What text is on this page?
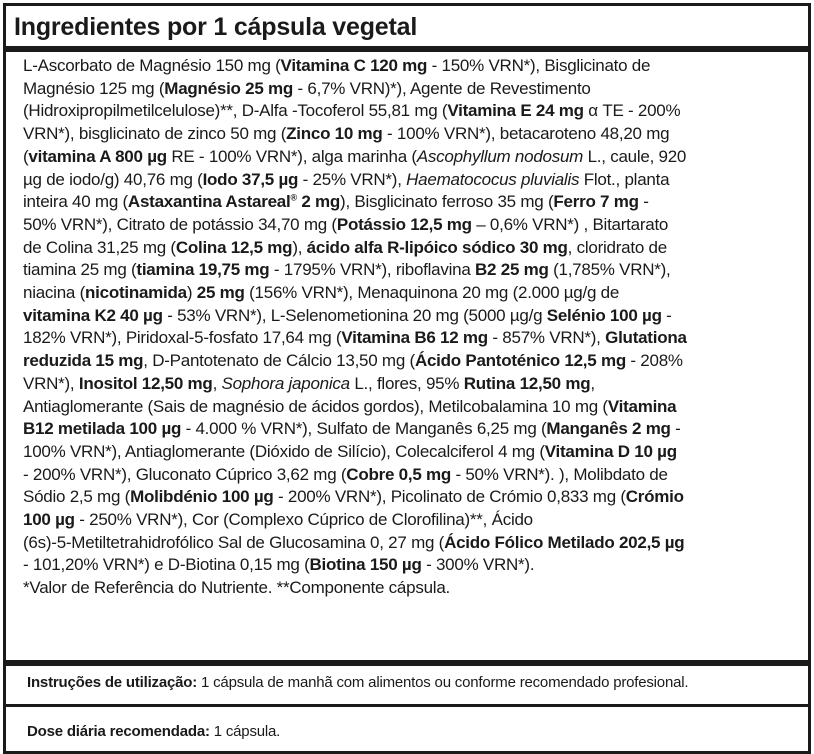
Ingredientes por 1 cápsula vegetal

L-Ascorbato de Magnésio 150 mg (Vitamina C 120 mg - 150% VRN*), Bisglicinato de
Magnésio 125 mg (Magnésio 25 mg - 6,7% VRN)*), Agente de Revestimento
(Hidroxipropilmetilcelulose)**, D-Alfa -Tocoferol 55,81 mg (Vitamina E 24 mg α TE - 200%
VRN*), bisglicinato de zinco 50 mg (Zinco 10 mg - 100% VRN*), betacaroteno 48,20 mg
(vitamina A 800 µg RE - 100% VRN*), alga marinha (Ascophyllum nodosum L., caule, 920
µg de iodo/g) 40,76 mg (Iodo 37,5 µg - 25% VRN*), Haematococus pluvialis Flot., planta
inteira 40 mg (Astaxantina Astareal® 2 mg), Bisglicinato ferroso 35 mg (Ferro 7 mg -
50% VRN*), Citrato de potássio 34,70 mg (Potássio 12,5 mg – 0,6% VRN*) , Bitartarato
de Colina 31,25 mg (Colina 12,5 mg), ácido alfa R-lipóico sódico 30 mg, cloridrato de
tiamina 25 mg (tiamina 19,75 mg - 1795% VRN*), riboflavina B2 25 mg (1,785% VRN*),
niacina (nicotinamida) 25 mg (156% VRN*), Menaquinona 20 mg (2.000 µg/g de
vitamina K2 40 µg - 53% VRN*), L-Selenometionina 20 mg (5000 µg/g Selénio 100 µg -
182% VRN*), Piridoxal-5-fosfato 17,64 mg (Vitamina B6 12 mg - 857% VRN*), Glutationa
reduzida 15 mg, D-Pantotenato de Cálcio 13,50 mg (Ácido Pantoténico 12,5 mg - 208%
VRN*), Inositol 12,50 mg, Sophora japonica L., flores, 95% Rutina 12,50 mg,
Antiaglomerante (Sais de magnésio de ácidos gordos), Metilcobalamina 10 mg (Vitamina
B12 metilada 100 µg - 4.000 % VRN*), Sulfato de Manganês 6,25 mg (Manganês 2 mg -
100% VRN*), Antiaglomerante (Dióxido de Silício), Colecalciferol 4 mg (Vitamina D 10 µg
- 200% VRN*), Gluconato Cúprico 3,62 mg (Cobre 0,5 mg - 50% VRN*). ), Molibdato de
Sódio 2,5 mg (Molibdénio 100 µg - 200% VRN*), Picolinato de Crómio 0,833 mg (Crómio
100 µg - 250% VRN*), Cor (Complexo Cúprico de Clorofilina)**, Ácido
(6s)-5-Metiltetrahidrofólico Sal de Glucosamina 0, 27 mg (Ácido Fólico Metilado 202,5 µg
- 101,20% VRN*) e D-Biotina 0,15 mg (Biotina 150 µg - 300% VRN*).
*Valor de Referência do Nutriente. **Componente cápsula.

Instruções de utilização: 1 cápsula de manhã com alimentos ou conforme recomendado profesional.
Dose diária recomendada: 1 cápsula.
